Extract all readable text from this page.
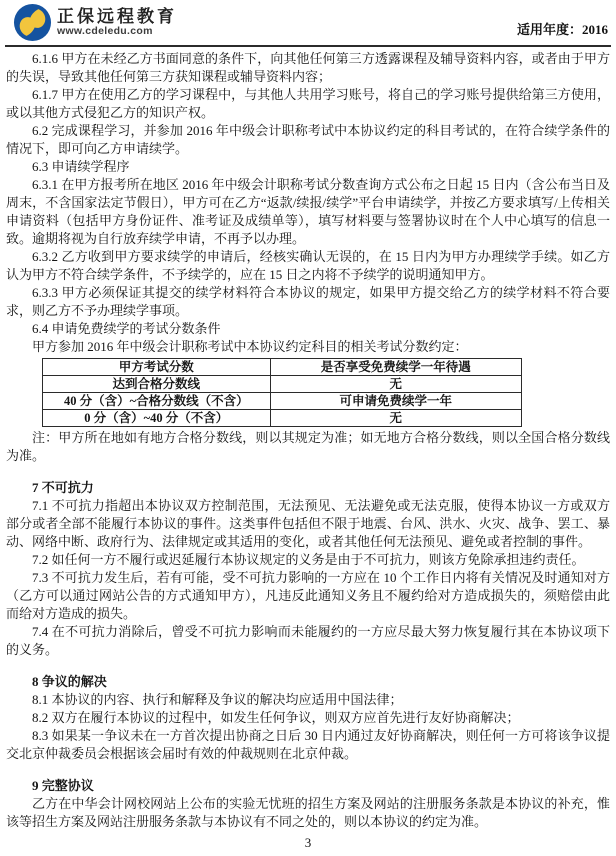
正保远程教育
www.cdeledu.com	适用年度：2016

6.1.6 甲方在未经乙方书面同意的条件下，向其他任何第三方透露课程及辅导资料内容，或者由于甲方的失误，导致其他任何第三方获知课程或辅导资料内容；

6.1.7 甲方在使用乙方的学习课程中，与其他人共用学习账号，将自己的学习账号提供给第三方使用，或以其他方式侵犯乙方的知识产权。

6.2 完成课程学习，并参加 2016 年中级会计职称考试中本协议约定的科目考试的，在符合续学条件的情况下，即可向乙方申请续学。

6.3 申请续学程序

6.3.1 在甲方报考所在地区 2016 年中级会计职称考试分数查询方式公布之日起 15 日内（含公布当日及周末，不含国家法定节假日），甲方可在乙方“返款/续报/续学”平台申请续学，并按乙方要求填写/上传相关申请资料（包括甲方身份证件、准考证及成绩单等），填写材料要与签署协议时在个人中心填写的信息一致。逾期将视为自行放弃续学申请，不再予以办理。

6.3.2 乙方收到甲方要求续学的申请后，经核实确认无误的，在 15 日内为甲方办理续学手续。如乙方认为甲方不符合续学条件，不予续学的，应在 15 日之内将不予续学的说明通知甲方。

6.3.3 甲方必须保证其提交的续学材料符合本协议的规定，如果甲方提交给乙方的续学材料不符合要求，则乙方不予办理续学事项。

6.4 申请免费续学的考试分数条件

甲方参加 2016 年中级会计职称考试中本协议约定科目的相关考试分数约定：

甲方考试分数	是否享受免费续学一年待遇
达到合格分数线	无
40 分（含）~合格分数线（不含）	可申请免费续学一年
0 分（含）~40 分（不含）	无

注：甲方所在地如有地方合格分数线，则以其规定为准；如无地方合格分数线，则以全国合格分数线为准。

7 不可抗力

7.1 不可抗力指超出本协议双方控制范围，无法预见、无法避免或无法克服，使得本协议一方或双方部分或者全部不能履行本协议的事件。这类事件包括但不限于地震、台风、洪水、火灾、战争、罢工、暴动、网络中断、政府行为、法律规定或其适用的变化，或者其他任何无法预见、避免或者控制的事件。

7.2 如任何一方不履行或迟延履行本协议规定的义务是由于不可抗力，则该方免除承担违约责任。

7.3 不可抗力发生后，若有可能，受不可抗力影响的一方应在 10 个工作日内将有关情况及时通知对方（乙方可以通过网站公告的方式通知甲方），凡违反此通知义务且不履约给对方造成损失的，须赔偿由此而给对方造成的损失。

7.4 在不可抗力消除后，曾受不可抗力影响而未能履约的一方应尽最大努力恢复履行其在本协议项下的义务。

8 争议的解决

8.1 本协议的内容、执行和解释及争议的解决均应适用中国法律；

8.2 双方在履行本协议的过程中，如发生任何争议，则双方应首先进行友好协商解决；

8.3 如果某一争议未在一方首次提出协商之日后 30 日内通过友好协商解决，则任何一方可将该争议提交北京仲裁委员会根据该会届时有效的仲裁规则在北京仲裁。

9 完整协议

乙方在中华会计网校网站上公布的实验无忧班的招生方案及网站的注册服务条款是本协议的补充，惟该等招生方案及网站注册服务条款与本协议有不同之处的，则以本协议的约定为准。

3
